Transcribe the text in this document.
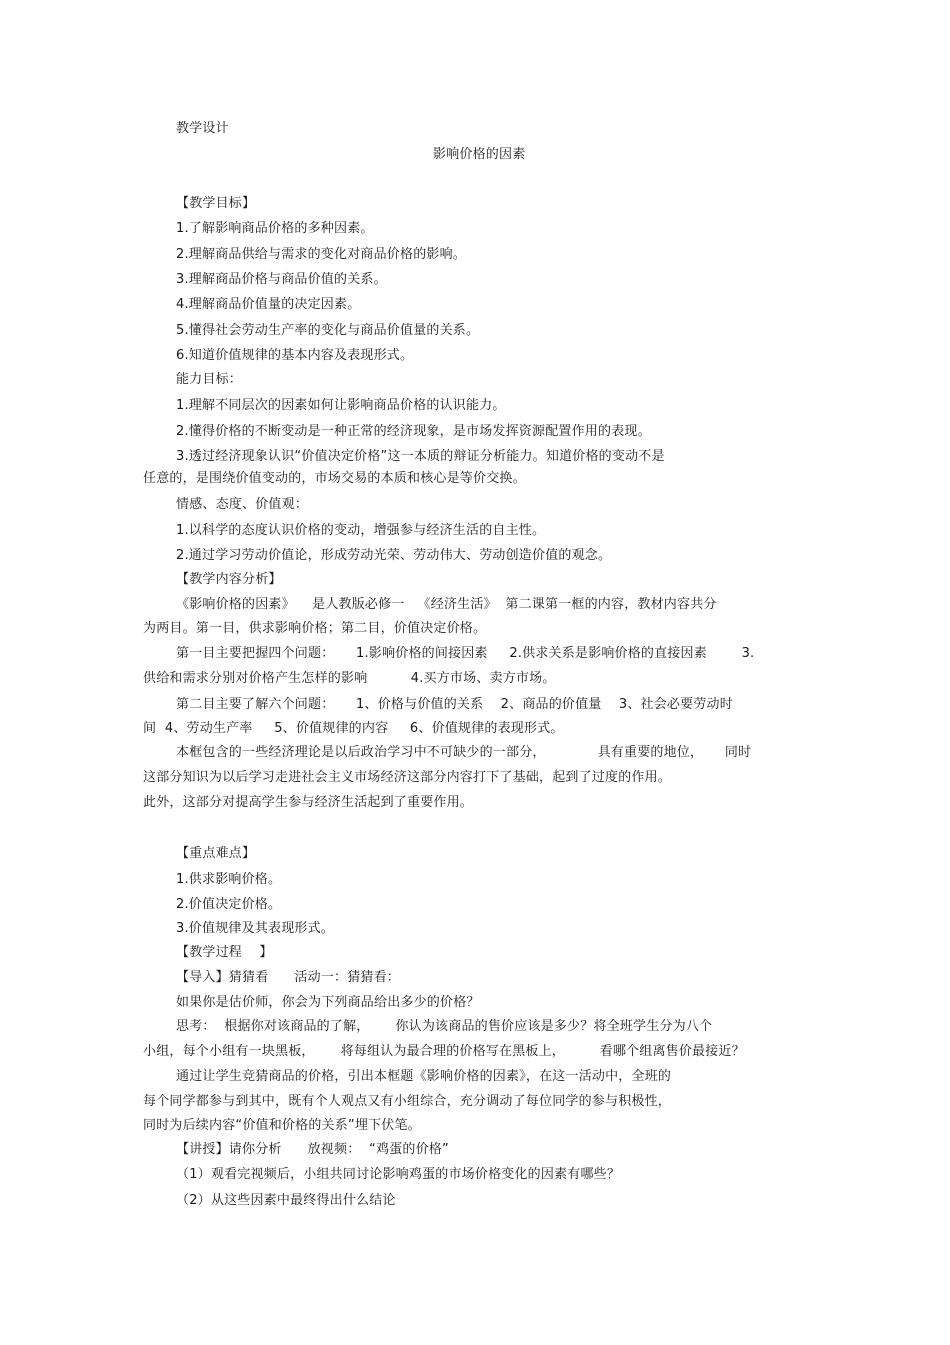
教学设计
影响价格的因素
【教学目标】
1.了解影响商品价格的多种因素。
2.理解商品供给与需求的变化对商品价格的影响。
3.理解商品价格与商品价值的关系。
4.理解商品价值量的决定因素。
5.懂得社会劳动生产率的变化与商品价值量的关系。
6.知道价值规律的基本内容及表现形式。
能力目标：
1.理解不同层次的因素如何让影响商品价格的认识能力。
2.懂得价格的不断变动是一种正常的经济现象，是市场发挥资源配置作用的表现。
3.透过经济现象认识“价值决定价格”这一本质的辩证分析能力。知道价格的变动不是
任意的，是围绕价值变动的，市场交易的本质和核心是等价交换。
情感、态度、价值观：
1.以科学的态度认识价格的变动，增强参与经济生活的自主性。
2.通过学习劳动价值论，形成劳动光荣、劳动伟大、劳动创造价值的观念。
【教学内容分析】
《影响价格的因素》    是人教版必修一   《经济生活》  第二课第一框的内容，教材内容共分
为两目。第一目，供求影响价格；第二目，价值决定价格。
第一目主要把握四个问题：     1.影响价格的间接因素     2.供求关系是影响价格的直接因素        3.
供给和需求分别对价格产生怎样的影响          4.买方市场、卖方市场。
第二目主要了解六个问题：     1、价格与价值的关系    2、商品的价值量    3、社会必要劳动时
间  4、劳动生产率     5、价值规律的内容     6、价值规律的表现形式。
本框包含的一些经济理论是以后政治学习中不可缺少的一部分，            具有重要的地位，     同时
这部分知识为以后学习走进社会主义市场经济这部分内容打下了基础，起到了过度的作用。
此外，这部分对提高学生参与经济生活起到了重要作用。
【重点难点】
1.供求影响价格。
2.价值决定价格。
3.价值规律及其表现形式。
【教学过程    】
【导入】猜猜看      活动一：猜猜看：
如果你是估价师，你会为下列商品给出多少的价格？
思考：  根据你对该商品的了解，      你认为该商品的售价应该是多少？将全班学生分为八个
小组，每个小组有一块黑板，      将每组认为最合理的价格写在黑板上，        看哪个组离售价最接近？
通过让学生竞猜商品的价格，引出本框题《影响价格的因素》，在这一活动中，全班的
每个同学都参与到其中，既有个人观点又有小组综合，充分调动了每位同学的参与积极性，
同时为后续内容“价值和价格的关系”埋下伏笔。
【讲授】请你分析      放视频：  “鸡蛋的价格”
（1）观看完视频后，小组共同讨论影响鸡蛋的市场价格变化的因素有哪些？
（2）从这些因素中最终得出什么结论
